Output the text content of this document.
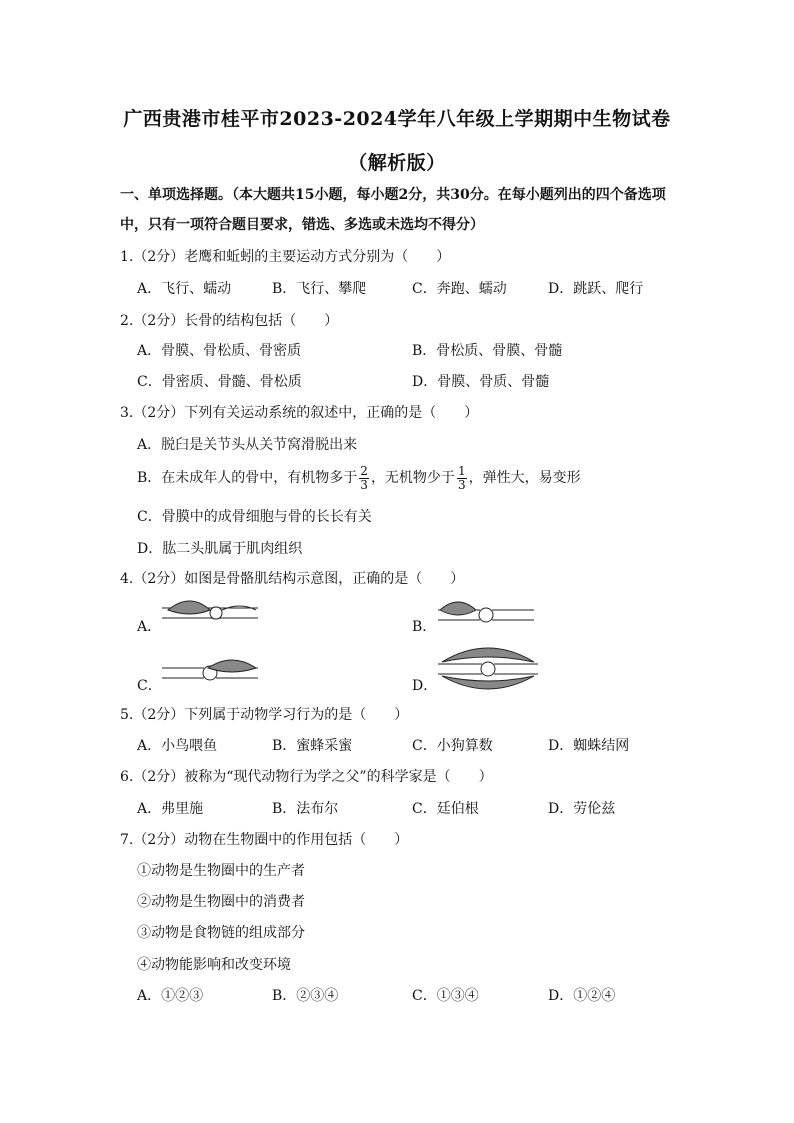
广西贵港市桂平市2023-2024学年八年级上学期期中生物试卷
（解析版）
一、单项选择题。（本大题共15小题，每小题2分，共30分。在每小题列出的四个备选项
中，只有一项符合题目要求，错选、多选或未选均不得分）
1.（2分）老鹰和蚯蚓的主要运动方式分别为（　　）
A．飞行、蠕动	B．飞行、攀爬	C．奔跑、蠕动	D．跳跃、爬行
2.（2分）长骨的结构包括（　　）
A．骨膜、骨松质、骨密质	B．骨松质、骨膜、骨髓
C．骨密质、骨髓、骨松质	D．骨膜、骨质、骨髓
3.（2分）下列有关运动系统的叙述中，正确的是（　　）
A．脱臼是关节头从关节窝滑脱出来
B．在未成年人的骨中，有机物多于 $\frac{2}{3}$ ，无机物少于 $\frac{1}{3}$ ，弹性大，易变形
C．骨膜中的成骨细胞与骨的长长有关
D．肱二头肌属于肌肉组织
4.（2分）如图是骨骼肌结构示意图，正确的是（　　）
A．	B．
C．	D．
5.（2分）下列属于动物学习行为的是（　　）
A．小鸟喂鱼	B．蜜蜂采蜜	C．小狗算数	D．蜘蛛结网
6.（2分）被称为“现代动物行为学之父”的科学家是（　　）
A．弗里施	B．法布尔	C．廷伯根	D．劳伦兹
7.（2分）动物在生物圈中的作用包括（　　）
①动物是生物圈中的生产者
②动物是生物圈中的消费者
③动物是食物链的组成部分
④动物能影响和改变环境
A．①②③	B．②③④	C．①③④	D．①②④
